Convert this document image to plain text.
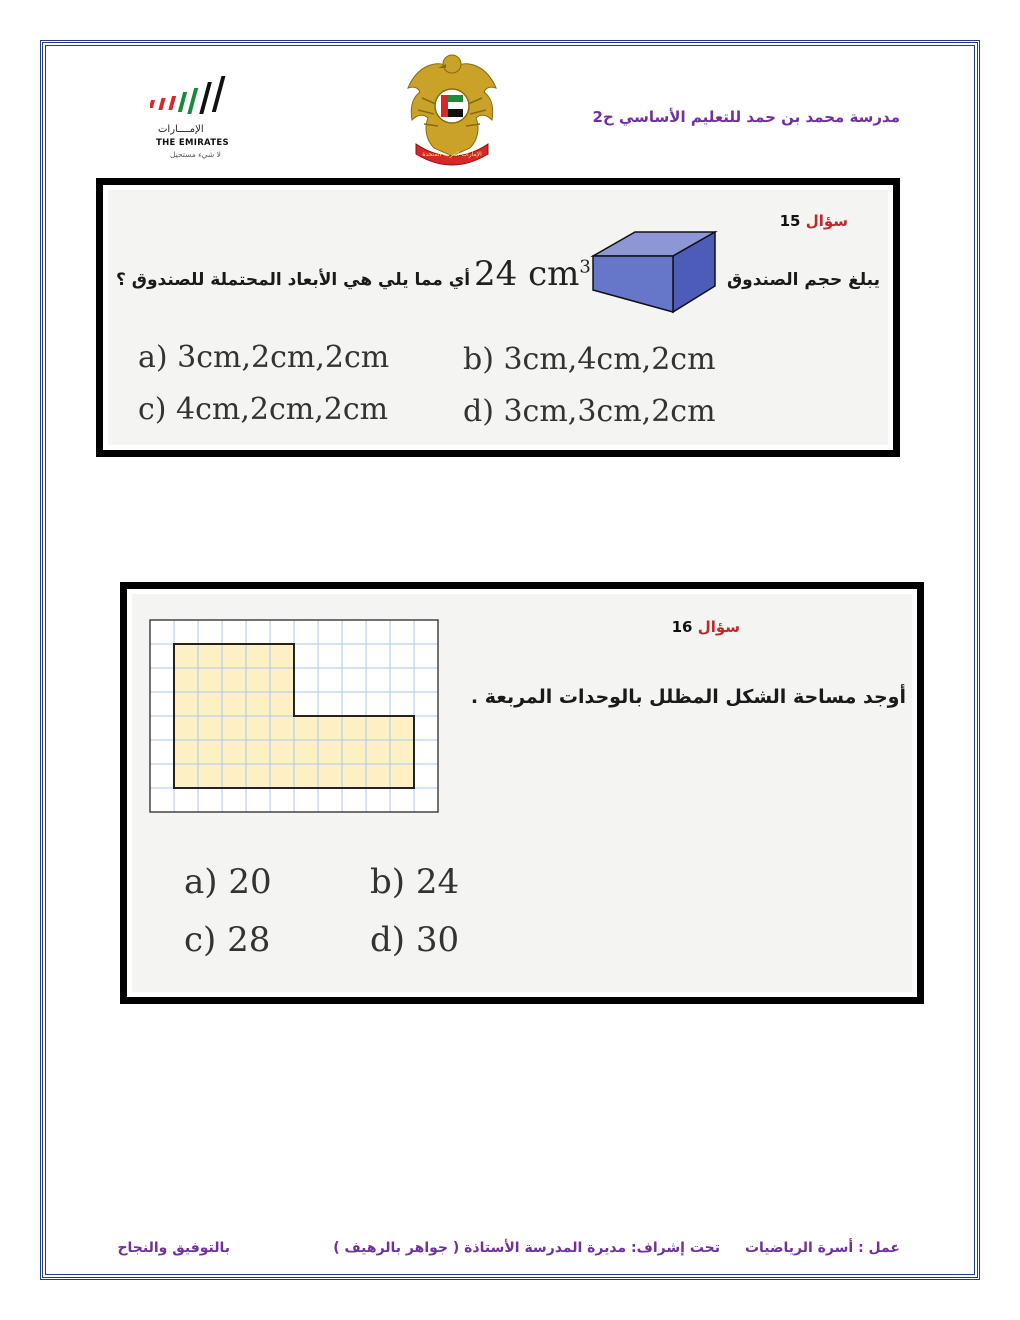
مدرسة محمد بن حمد للتعليم الأساسي ح2
الإمارات العربية المتحدة
الإمــــارات
THE EMIRATES
لا شيء مستحيل
سؤال 15
يبلغ حجم الصندوق
24 $cm^3$
. أي مما يلي هي الأبعاد المحتملة للصندوق ؟
a) 3cm,2cm,2cm b) 3cm,4cm,2cm
c) 4cm,2cm,2cm d) 3cm,3cm,2cm
سؤال 16
أوجد مساحة الشكل المظلل بالوحدات المربعة .
a) 20	b) 24
c) 28	d) 30
عمل : أسرة الرياضيات
تحت إشراف: مديرة المدرسة الأستاذة ( جواهر بالرهيف )
بالتوفيق والنجاح
